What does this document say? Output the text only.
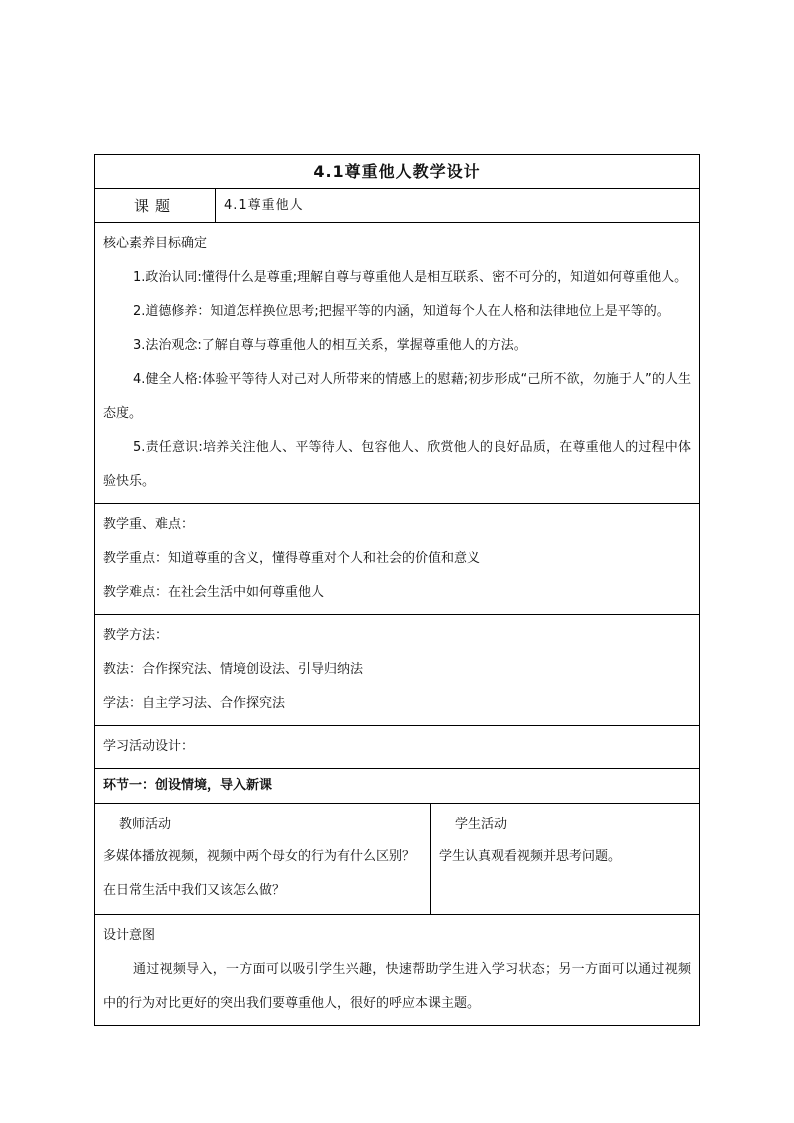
4.1尊重他人教学设计
课题	4.1尊重他人
核心素养目标确定
1.政治认同:懂得什么是尊重;理解自尊与尊重他人是相互联系、密不可分的，知道如何尊重他人。
2.道德修养：知道怎样换位思考;把握平等的内涵，知道每个人在人格和法律地位上是平等的。
3.法治观念:了解自尊与尊重他人的相互关系，掌握尊重他人的方法。
4.健全人格:体验平等待人对己对人所带来的情感上的慰藉;初步形成“己所不欲，勿施于人”的人生态度。
5.责任意识:培养关注他人、平等待人、包容他人、欣赏他人的良好品质，在尊重他人的过程中体验快乐。
教学重、难点：
教学重点：知道尊重的含义，懂得尊重对个人和社会的价值和意义
教学难点：在社会生活中如何尊重他人
教学方法：
教法：合作探究法、情境创设法、引导归纳法
学法：自主学习法、合作探究法
学习活动设计：
环节一：创设情境，导入新课
教师活动
多媒体播放视频，视频中两个母女的行为有什么区别？在日常生活中我们又该怎么做？
学生活动
学生认真观看视频并思考问题。
设计意图
通过视频导入，一方面可以吸引学生兴趣，快速帮助学生进入学习状态；另一方面可以通过视频中的行为对比更好的突出我们要尊重他人，很好的呼应本课主题。
